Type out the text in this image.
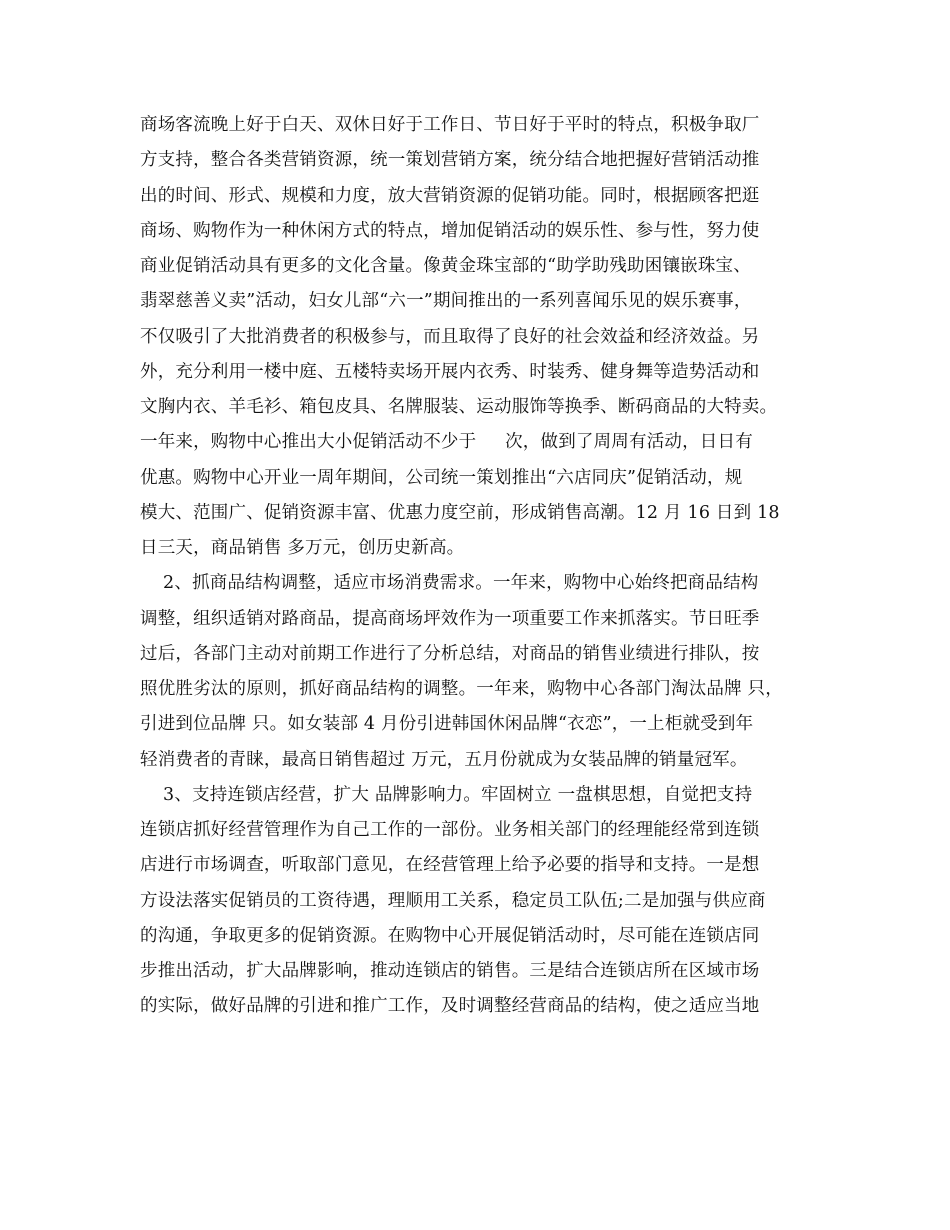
商场客流晚上好于白天、双休日好于工作日、节日好于平时的特点，积极争取厂
方支持，整合各类营销资源，统一策划营销方案，统分结合地把握好营销活动推
出的时间、形式、规模和力度，放大营销资源的促销功能。同时，根据顾客把逛
商场、购物作为一种休闲方式的特点，增加促销活动的娱乐性、参与性，努力使
商业促销活动具有更多的文化含量。像黄金珠宝部的“助学助残助困镶嵌珠宝、
翡翠慈善义卖”活动，妇女儿部“六一”期间推出的一系列喜闻乐见的娱乐赛事，
不仅吸引了大批消费者的积极参与，而且取得了良好的社会效益和经济效益。另
外，充分利用一楼中庭、五楼特卖场开展内衣秀、时装秀、健身舞等造势活动和
文胸内衣、羊毛衫、箱包皮具、名牌服装、运动服饰等换季、断码商品的大特卖。
一年来，购物中心推出大小促销活动不少于     次，做到了周周有活动，日日有
优惠。购物中心开业一周年期间，公司统一策划推出“六店同庆”促销活动，规
模大、范围广、促销资源丰富、优惠力度空前，形成销售高潮。12 月 16 日到 18
日三天，商品销售 多万元，创历史新高。
2、抓商品结构调整，适应市场消费需求。一年来，购物中心始终把商品结构
调整，组织适销对路商品，提高商场坪效作为一项重要工作来抓落实。节日旺季
过后，各部门主动对前期工作进行了分析总结，对商品的销售业绩进行排队，按
照优胜劣汰的原则，抓好商品结构的调整。一年来，购物中心各部门淘汰品牌 只，
引进到位品牌 只。如女装部 4 月份引进韩国休闲品牌“衣恋”，一上柜就受到年
轻消费者的青睐，最高日销售超过 万元，五月份就成为女装品牌的销量冠军。
3、支持连锁店经营，扩大 品牌影响力。牢固树立 一盘棋思想，自觉把支持
连锁店抓好经营管理作为自己工作的一部份。业务相关部门的经理能经常到连锁
店进行市场调查，听取部门意见，在经营管理上给予必要的指导和支持。一是想
方设法落实促销员的工资待遇，理顺用工关系，稳定员工队伍;二是加强与供应商
的沟通，争取更多的促销资源。在购物中心开展促销活动时，尽可能在连锁店同
步推出活动，扩大品牌影响，推动连锁店的销售。三是结合连锁店所在区域市场
的实际，做好品牌的引进和推广工作，及时调整经营商品的结构，使之适应当地
